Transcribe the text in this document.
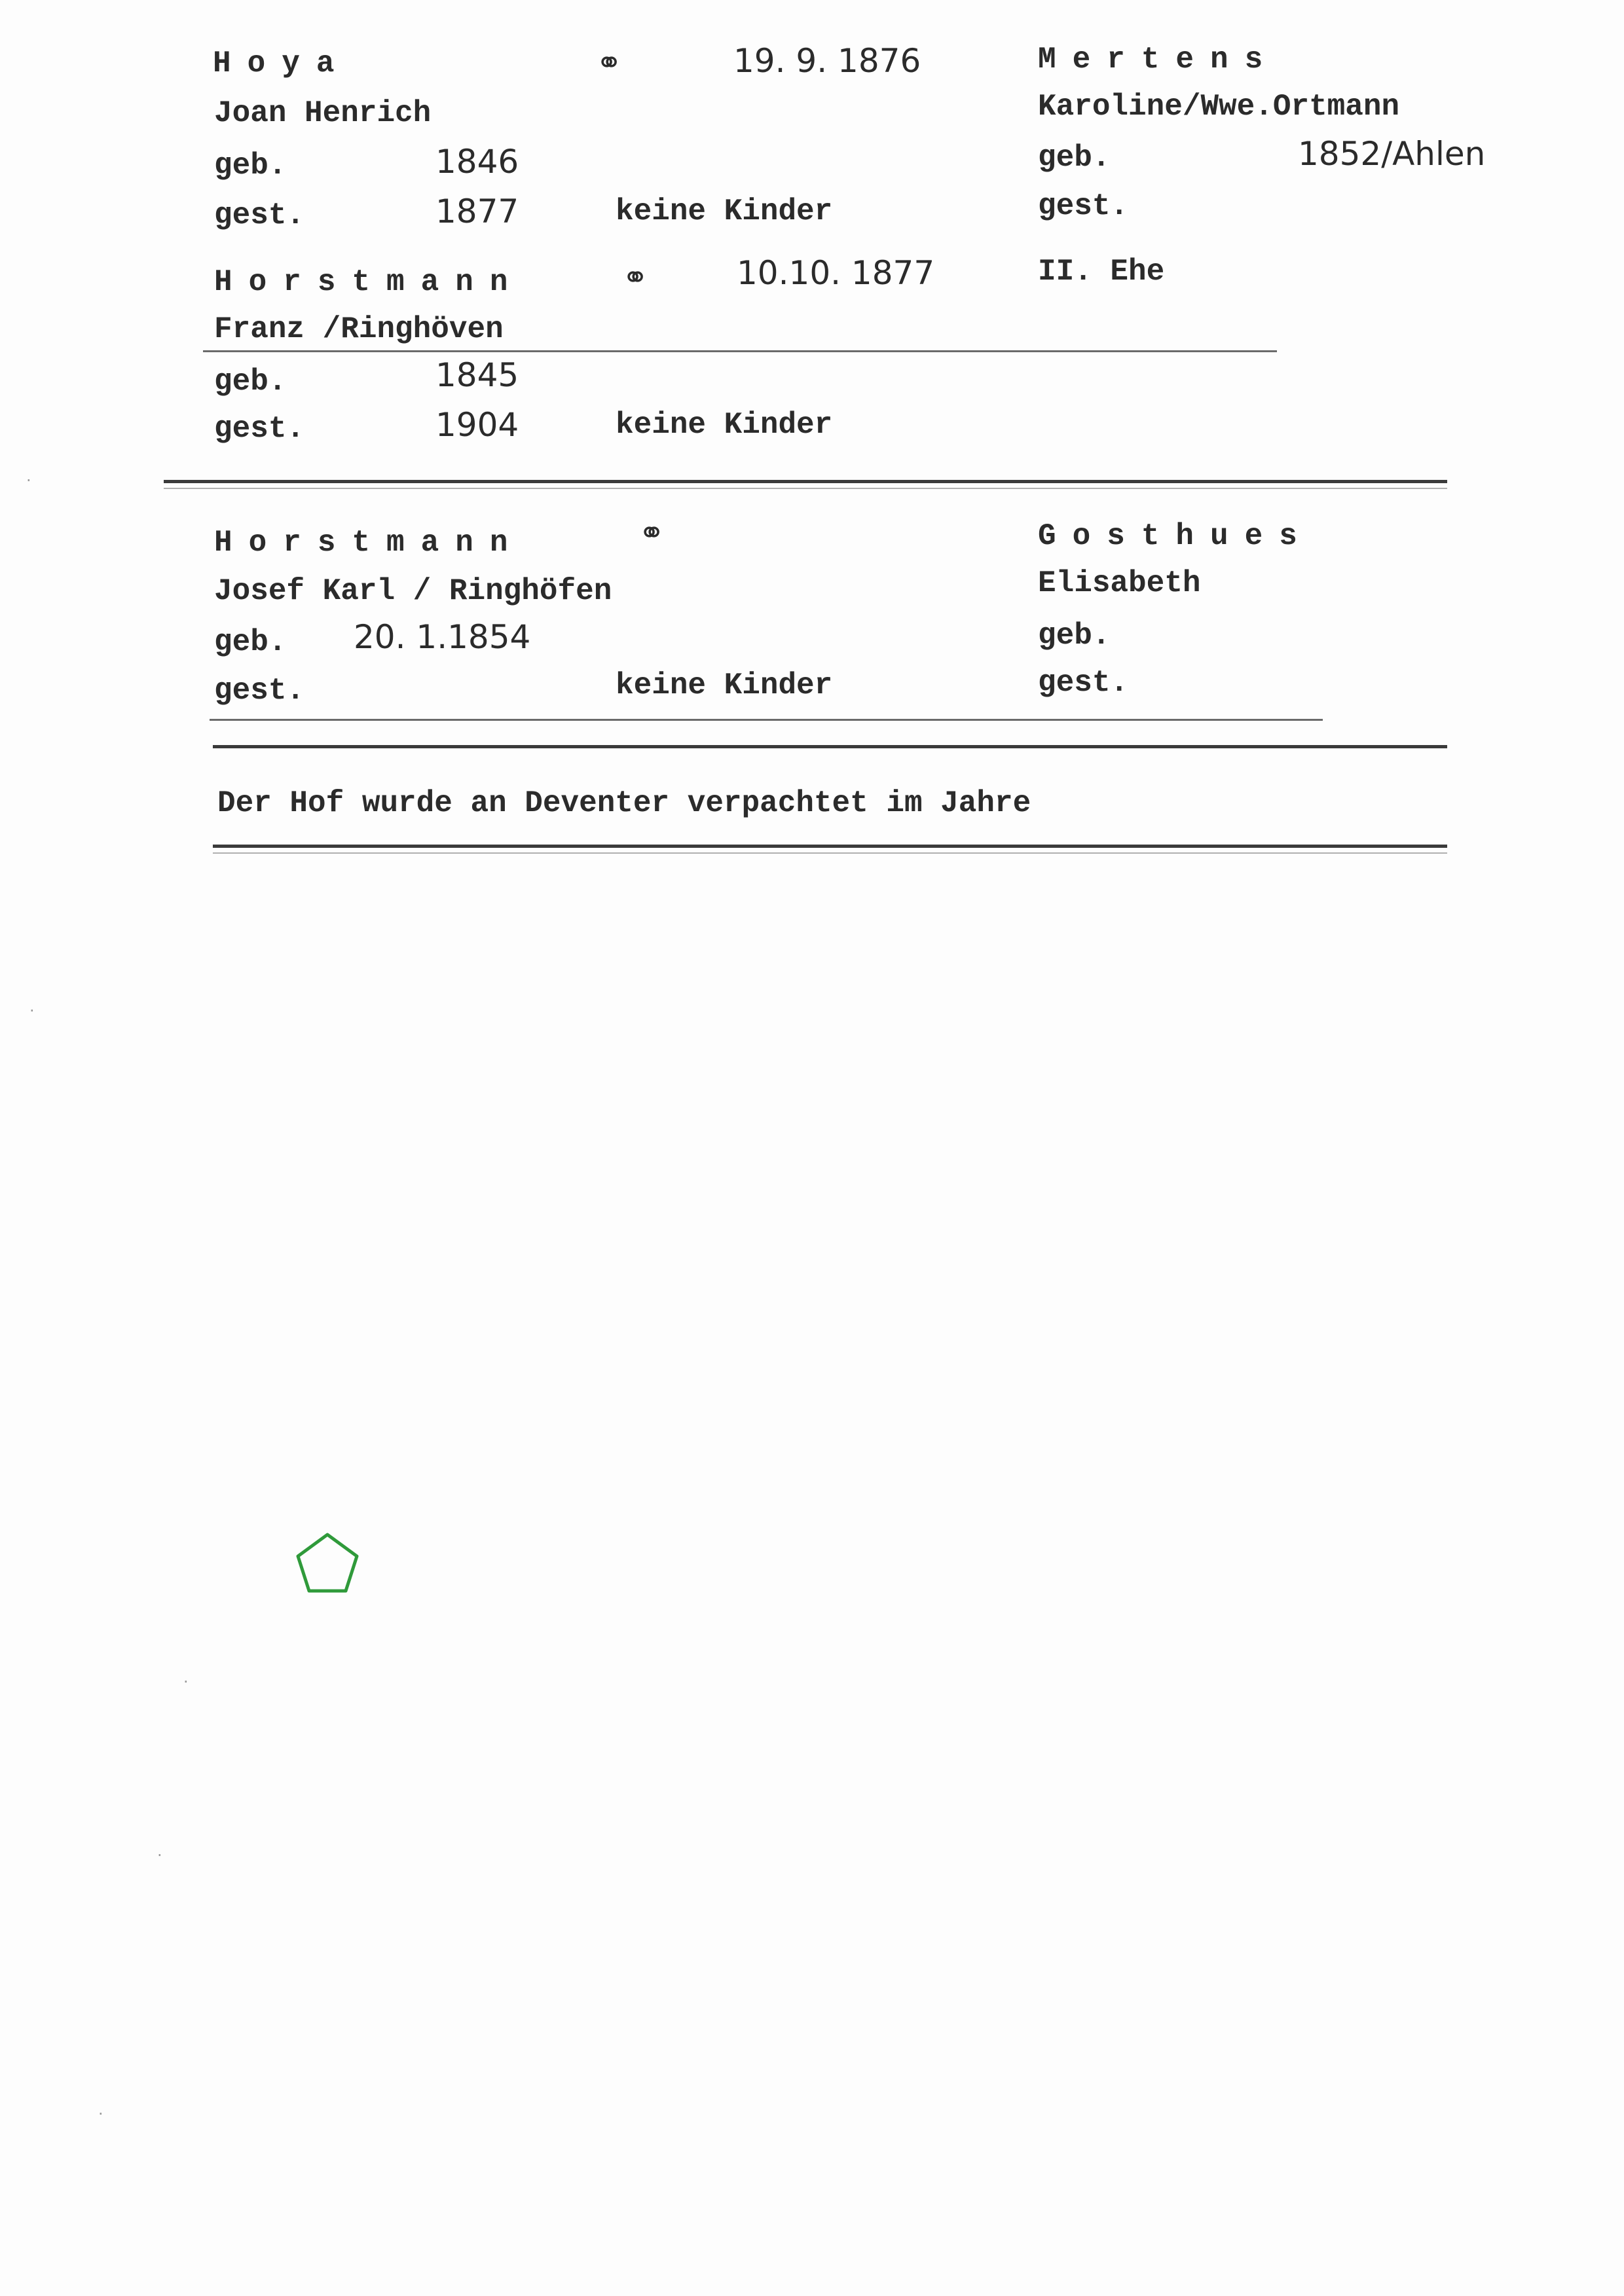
Hoya	⚭	19. 9. 1876	Mertens
Joan Henrich	Karoline/Wwe.Ortmann
geb.	1846	geb.	1852/Ahlen
gest.	1877	keine Kinder	gest.
Horstmann	⚭	10.10. 1877	II. Ehe
Franz /Ringhöven
geb.	1845
gest.	1904	keine Kinder
Horstmann	⚭	Gosthues
Josef Karl / Ringhöfen	Elisabeth
geb. 20. 1.1854	geb.
gest.	keine Kinder	gest.
Der Hof wurde an Deventer verpachtet im Jahre
·
·
·
·
·
